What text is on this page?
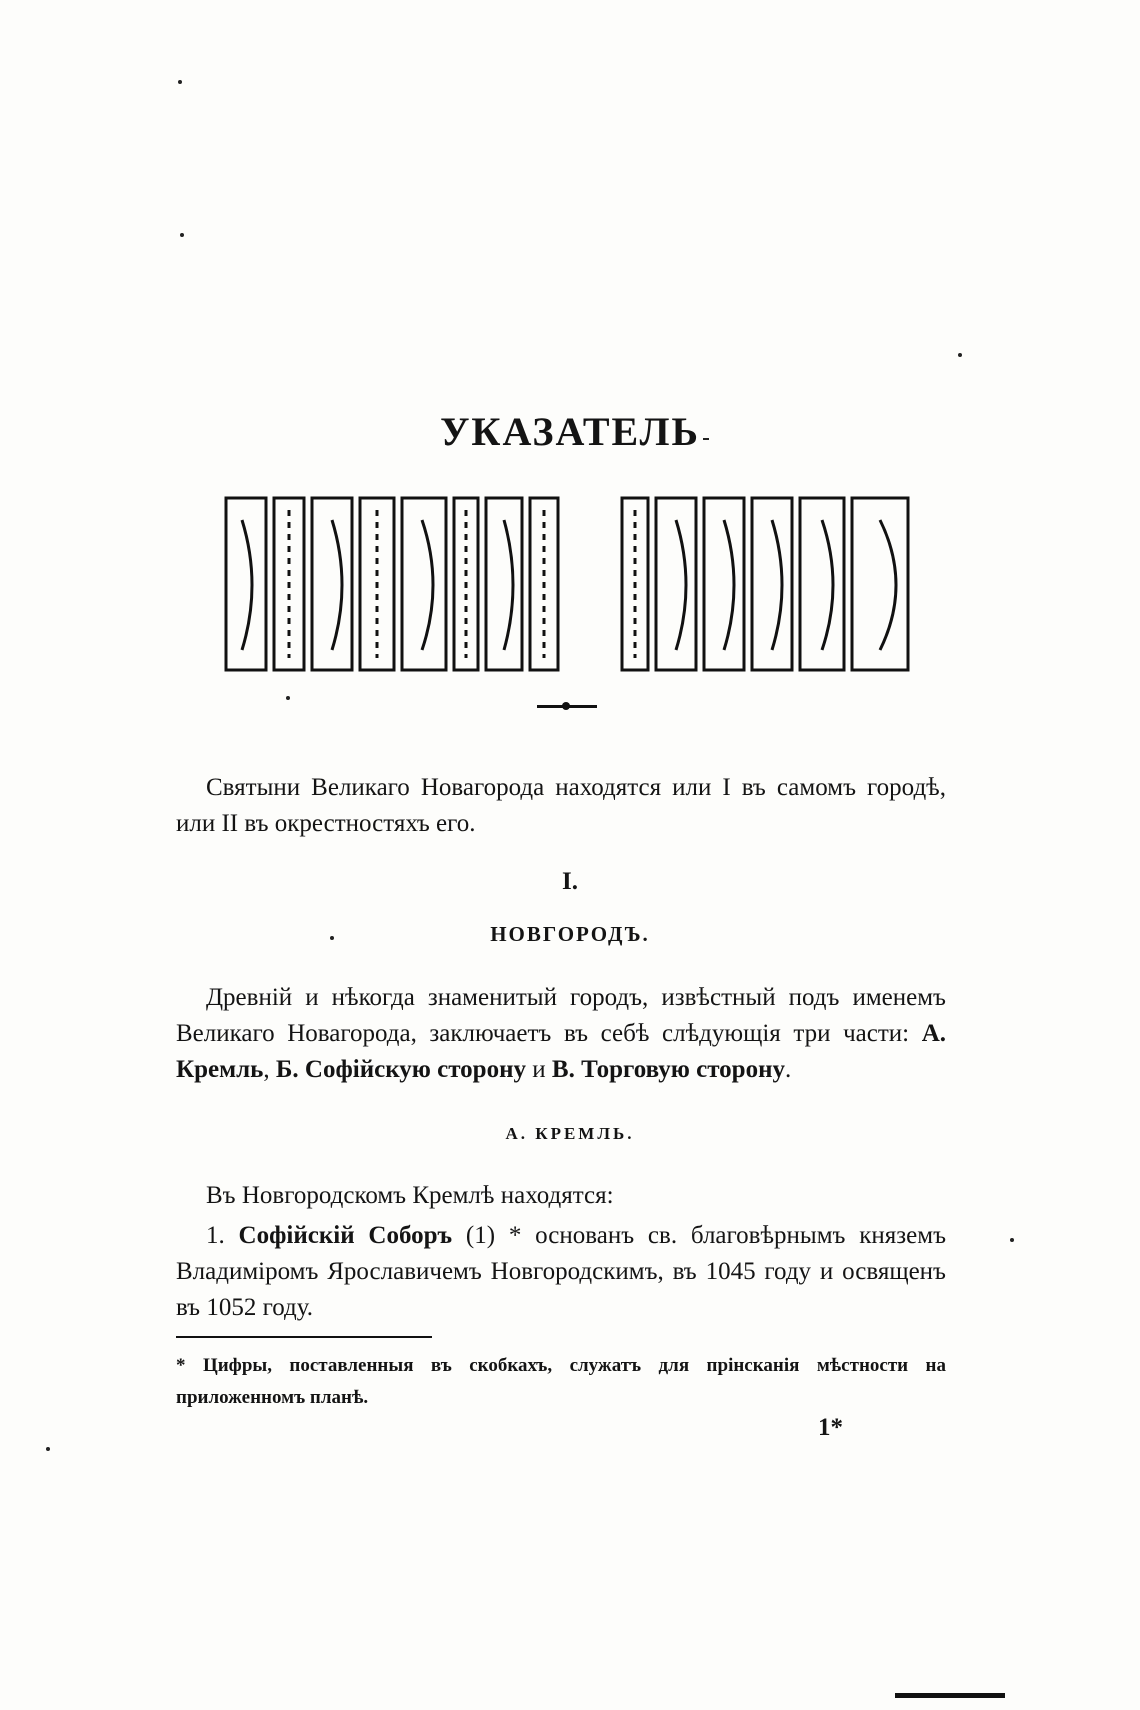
УКАЗАТЕЛЬ
Святыни Великаго Новагорода находятся или I въ самомъ городѣ, или II въ окрестностяхъ его.
I.
НОВГОРОДЪ.
Древній и нѣкогда знаменитый городъ, извѣстный подъ именемъ Великаго Новагорода, заключаетъ въ себѣ слѣдующія три части: А. Кремль, Б. Софійскую сторону и В. Торговую сторону.
А. КРЕМЛЬ.
Въ Новгородскомъ Кремлѣ находятся:
1. Софійскій Соборъ (1) * основанъ св. благовѣрнымъ княземъ Владиміромъ Ярославичемъ Новгородскимъ, въ 1045 году и освященъ въ 1052 году.
* Цифры, поставленныя въ скобкахъ, служатъ для прінсканія мѣстности на приложенномъ планѣ.
1*
